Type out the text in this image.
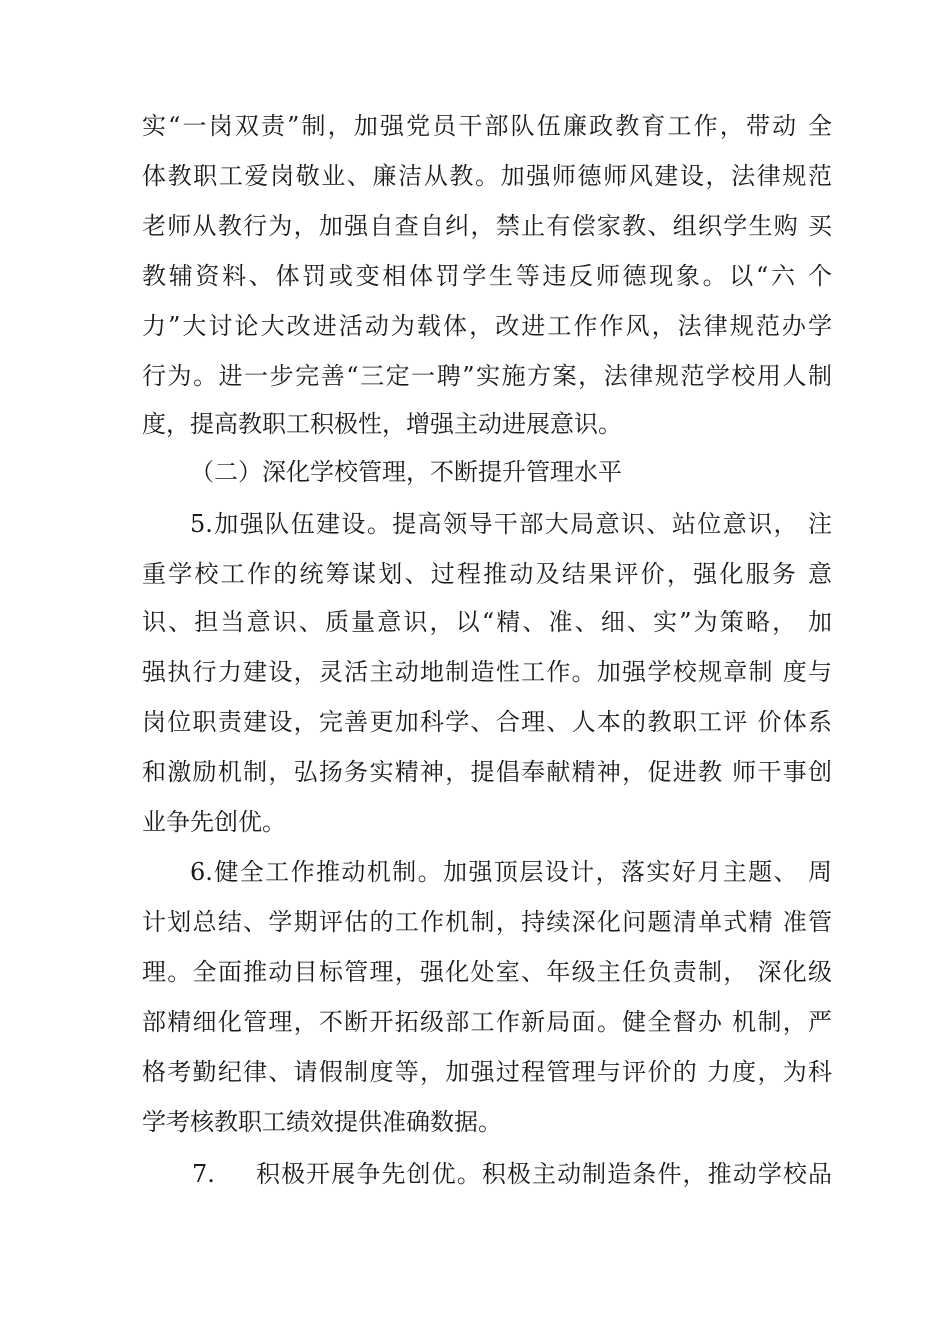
实“一岗双责”制，加强党员干部队伍廉政教育工作，带动 全
体教职工爱岗敬业、廉洁从教。加强师德师风建设，法律规范
老师从教行为，加强自查自纠，禁止有偿家教、组织学生购 买
教辅资料、体罚或变相体罚学生等违反师德现象。以“六 个
力”大讨论大改进活动为载体，改进工作作风，法律规范办学
行为。进一步完善“三定一聘”实施方案，法律规范学校用人制
度，提高教职工积极性，增强主动进展意识。
（二）深化学校管理，不断提升管理水平
5.加强队伍建设。提高领导干部大局意识、站位意识， 注
重学校工作的统筹谋划、过程推动及结果评价，强化服务 意
识、担当意识、质量意识，以“精、准、细、实”为策略， 加
强执行力建设，灵活主动地制造性工作。加强学校规章制 度与
岗位职责建设，完善更加科学、合理、人本的教职工评 价体系
和激励机制，弘扬务实精神，提倡奉献精神，促进教 师干事创
业争先创优。
6.健全工作推动机制。加强顶层设计，落实好月主题、 周
计划总结、学期评估的工作机制，持续深化问题清单式精 准管
理。全面推动目标管理，强化处室、年级主任负责制， 深化级
部精细化管理，不断开拓级部工作新局面。健全督办 机制，严
格考勤纪律、请假制度等，加强过程管理与评价的 力度，为科
学考核教职工绩效提供准确数据。
7.	积极开展争先创优。积极主动制造条件，推动学校品
